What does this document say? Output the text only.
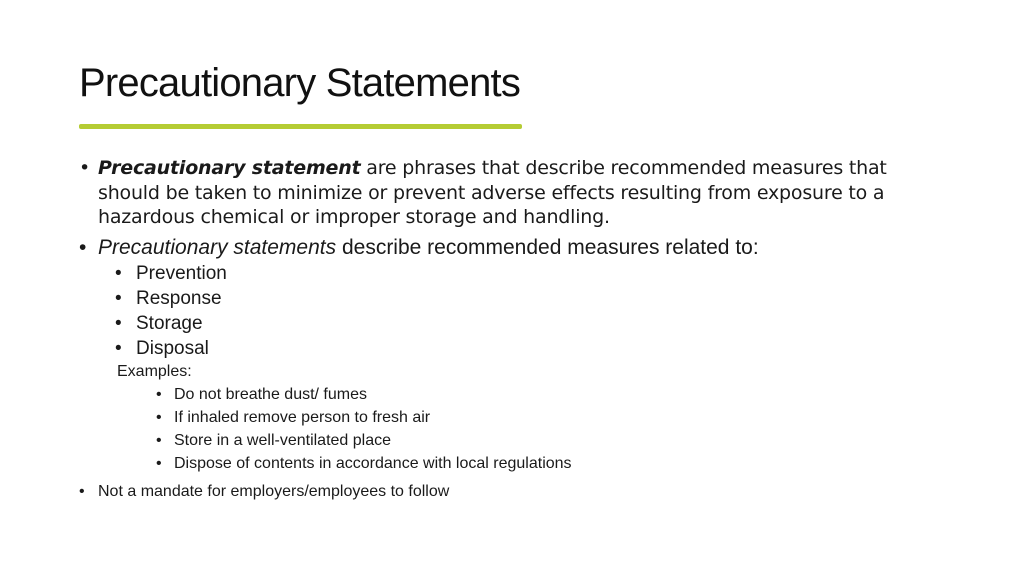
Precautionary Statements
• Precautionary statement are phrases that describe recommended measures that should be taken to minimize or prevent adverse effects resulting from exposure to a hazardous chemical or improper storage and handling.
• Precautionary statements describe recommended measures related to:
• Prevention
• Response
• Storage
• Disposal
Examples:
• Do not breathe dust/ fumes
• If inhaled remove person to fresh air
• Store in a well-ventilated place
• Dispose of contents in accordance with local regulations
• Not a mandate for employers/employees to follow
